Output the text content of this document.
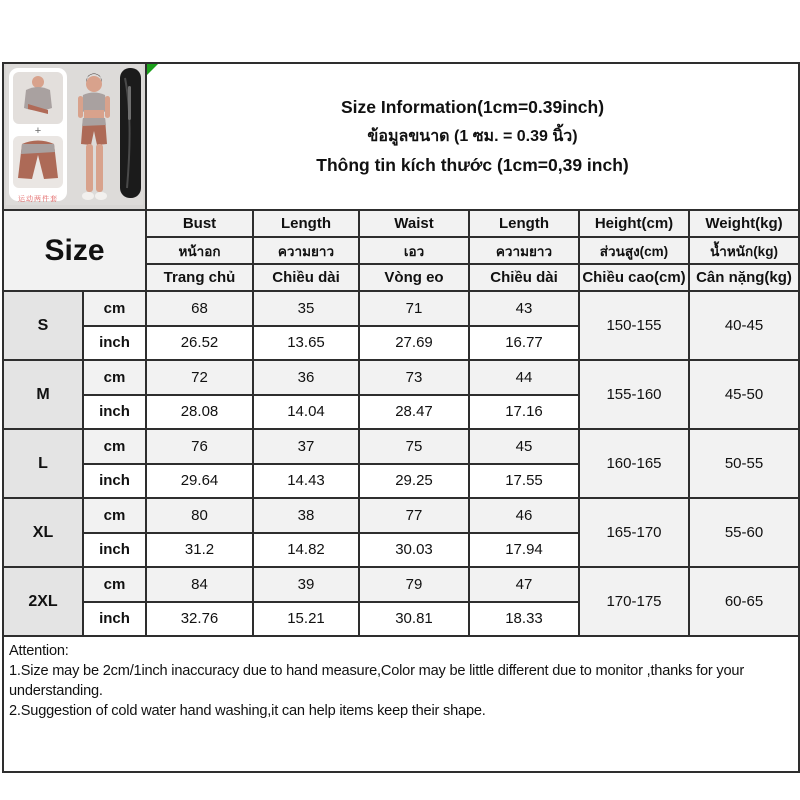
+
运动两件套

Size Information(1cm=0.39inch)
ข้อมูลขนาด (1 ซม. = 0.39 นิ้ว)
Thông tin kích thước (1cm=0,39 inch)

Size		Bust	Length	Waist	Length	Height(cm)	Weight(kg)
		หน้าอก	ความยาว	เอว	ความยาว	ส่วนสูง(cm)	น้ำหนัก(kg)
		Trang chủ	Chiều dài	Vòng eo	Chiều dài	Chiều cao(cm)	Cân nặng(kg)
S	cm	68	35	71	43	150-155	40-45
	inch	26.52	13.65	27.69	16.77		
M	cm	72	36	73	44	155-160	45-50
	inch	28.08	14.04	28.47	17.16		
L	cm	76	37	75	45	160-165	50-55
	inch	29.64	14.43	29.25	17.55		
XL	cm	80	38	77	46	165-170	55-60
	inch	31.2	14.82	30.03	17.94		
2XL	cm	84	39	79	47	170-175	60-65
	inch	32.76	15.21	30.81	18.33		

Attention:
1.Size may be 2cm/1inch inaccuracy due to hand measure,Color may be little different due to monitor ,thanks for your understanding.
2.Suggestion of cold water hand washing,it can help items keep their shape.							
